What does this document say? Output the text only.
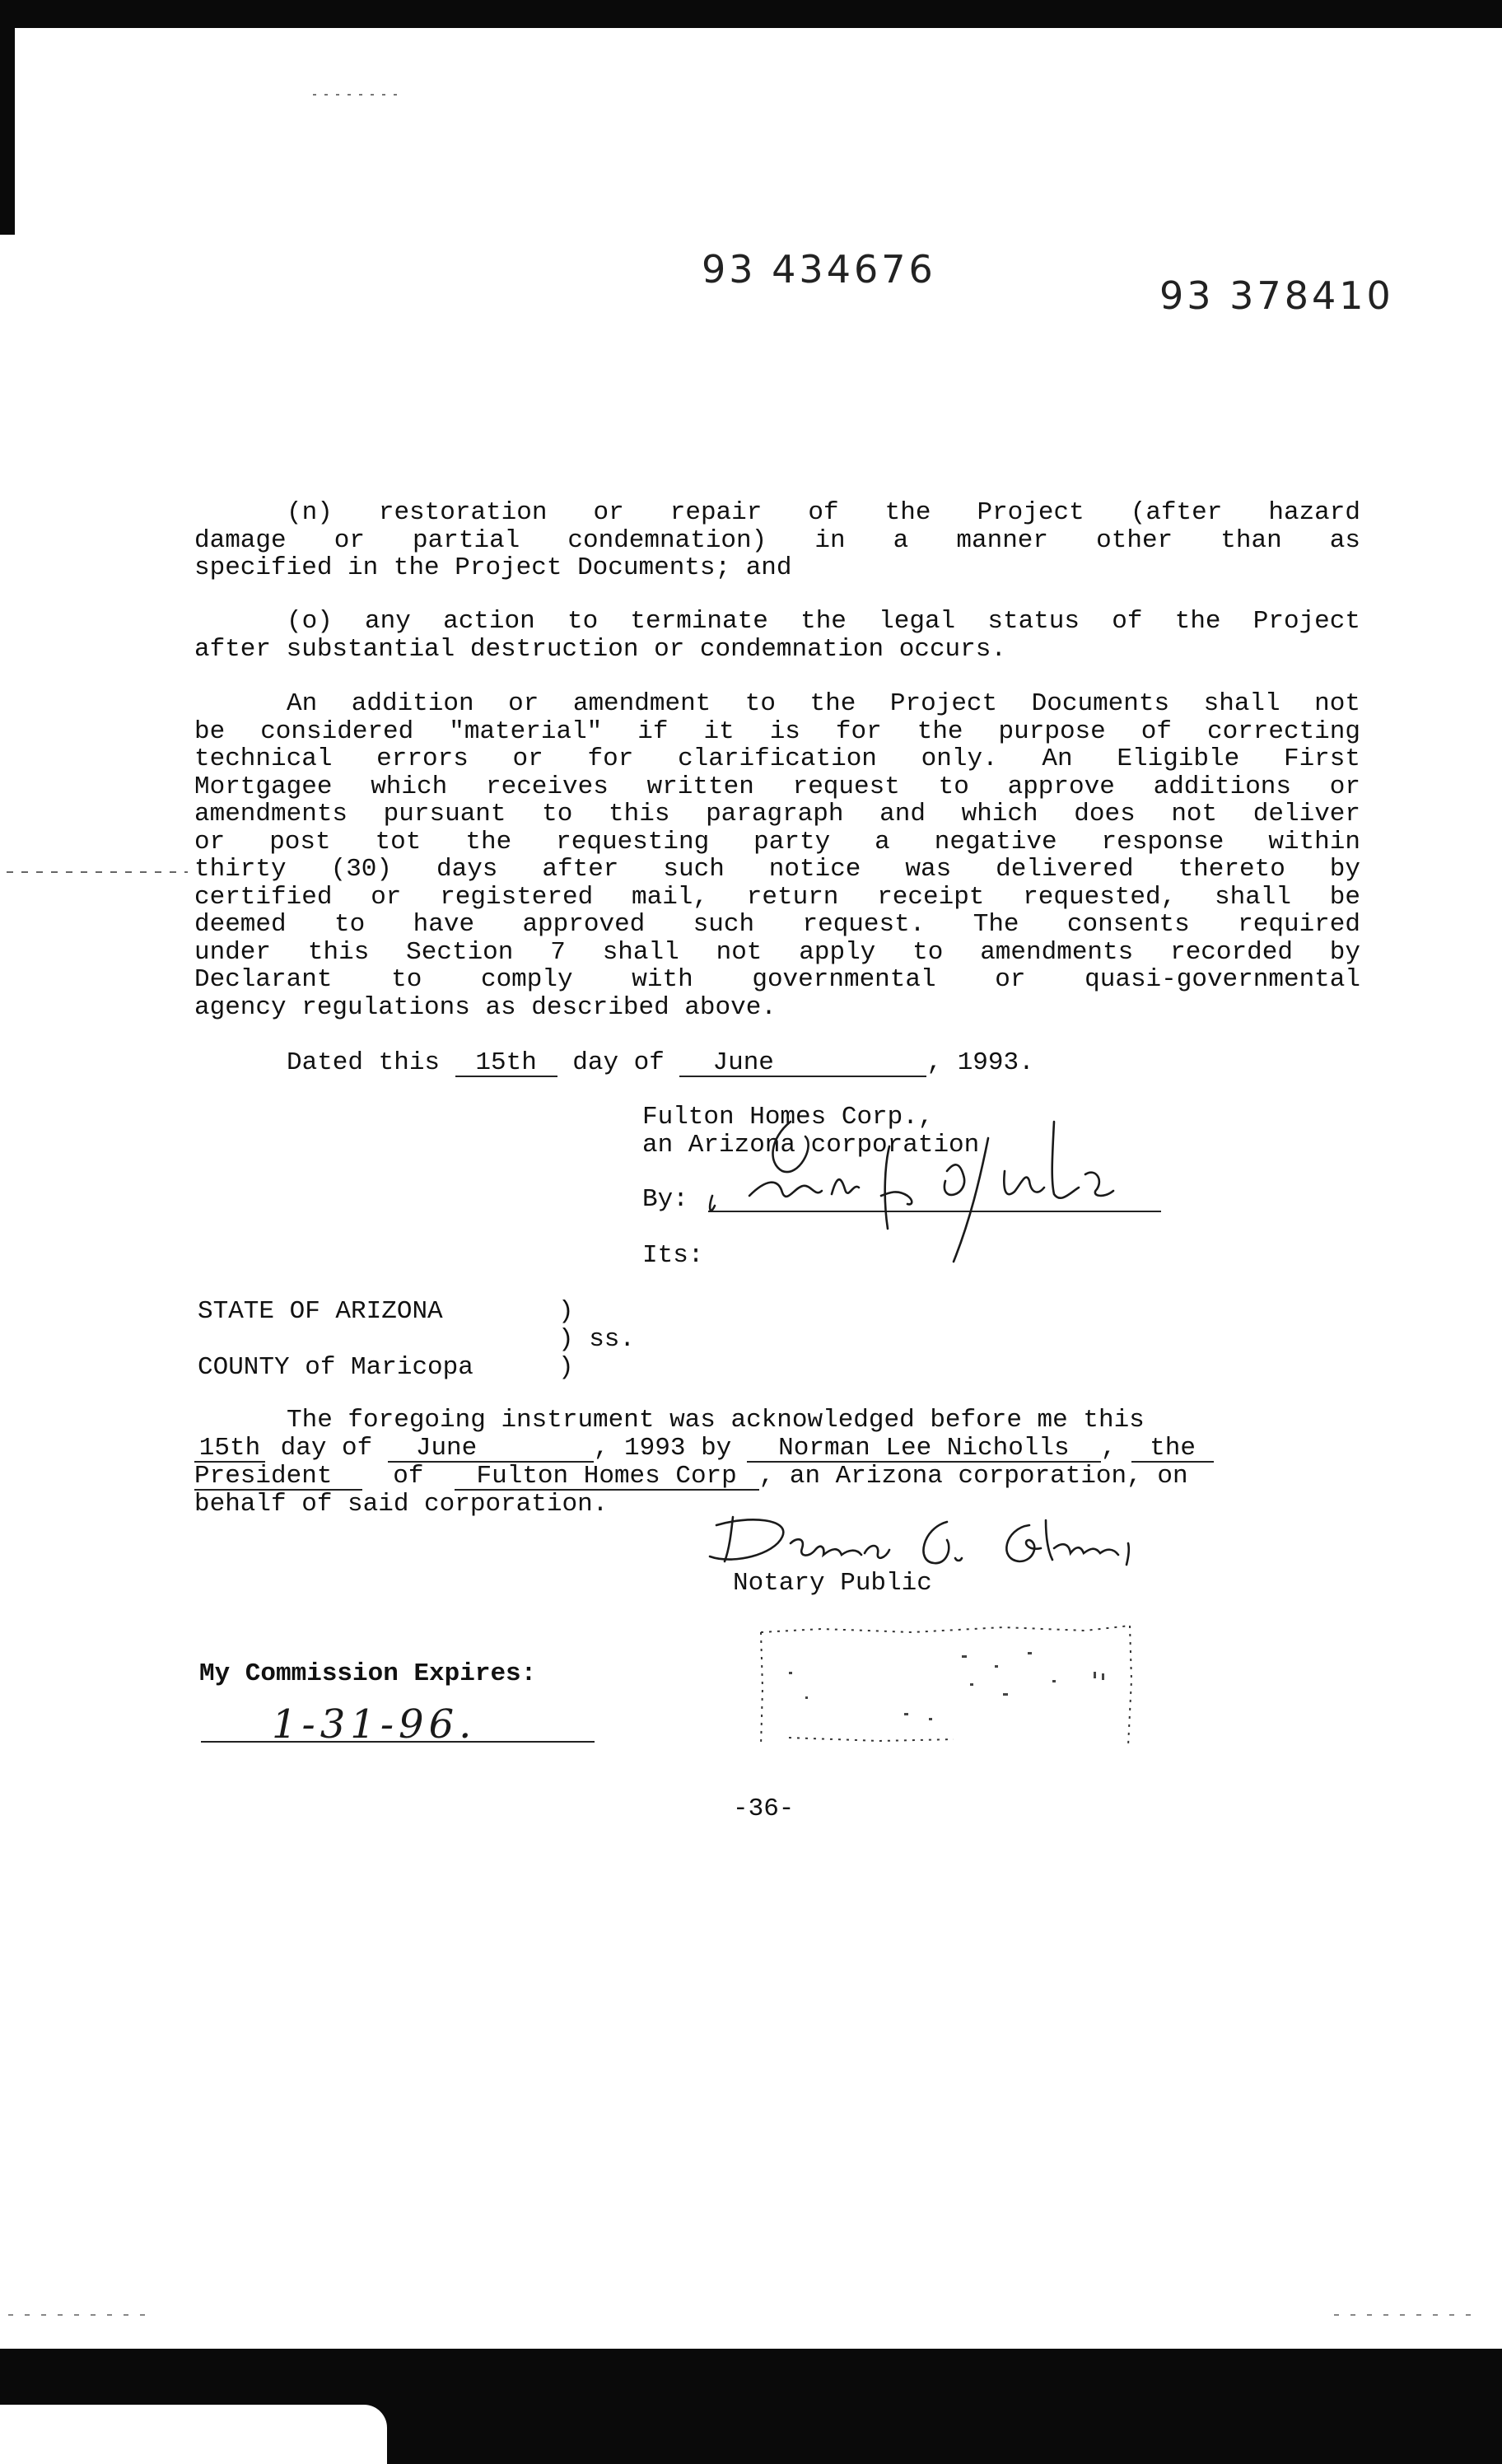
93 434676
93 378410
(n) restoration or repair of the Project (after hazard
damage or partial condemnation) in a manner other than as
specified in the Project Documents; and
(o) any action to terminate the legal status of the Project
after substantial destruction or condemnation occurs.
An addition or amendment to the Project Documents shall not
be considered "material" if it is for the purpose of correcting
technical errors or for clarification only. An Eligible First
Mortgagee which receives written request to approve additions or
amendments pursuant to this paragraph and which does not deliver
or post tot the requesting party a negative response within
thirty (30) days after such notice was delivered thereto by
certified or registered mail, return receipt requested, shall be
deemed to have approved such request. The consents required
under this Section 7 shall not apply to amendments recorded by
Declarant to comply with governmental or quasi-governmental
agency regulations as described above.
Dated this 15th day of June	, 1993.
Fulton Homes Corp.,
an Arizona corporation
By:
Its:
STATE OF ARIZONA	)
) ss.
)
COUNTY of Maricopa
The foregoing instrument was acknowledged before me this
15th day of June	, 1993 by Norman Lee Nicholls , the
President of Fulton Homes Corp , an Arizona corporation, on
behalf of said corporation.
Notary Public
My Commission Expires:
1-31-96.
-36-
